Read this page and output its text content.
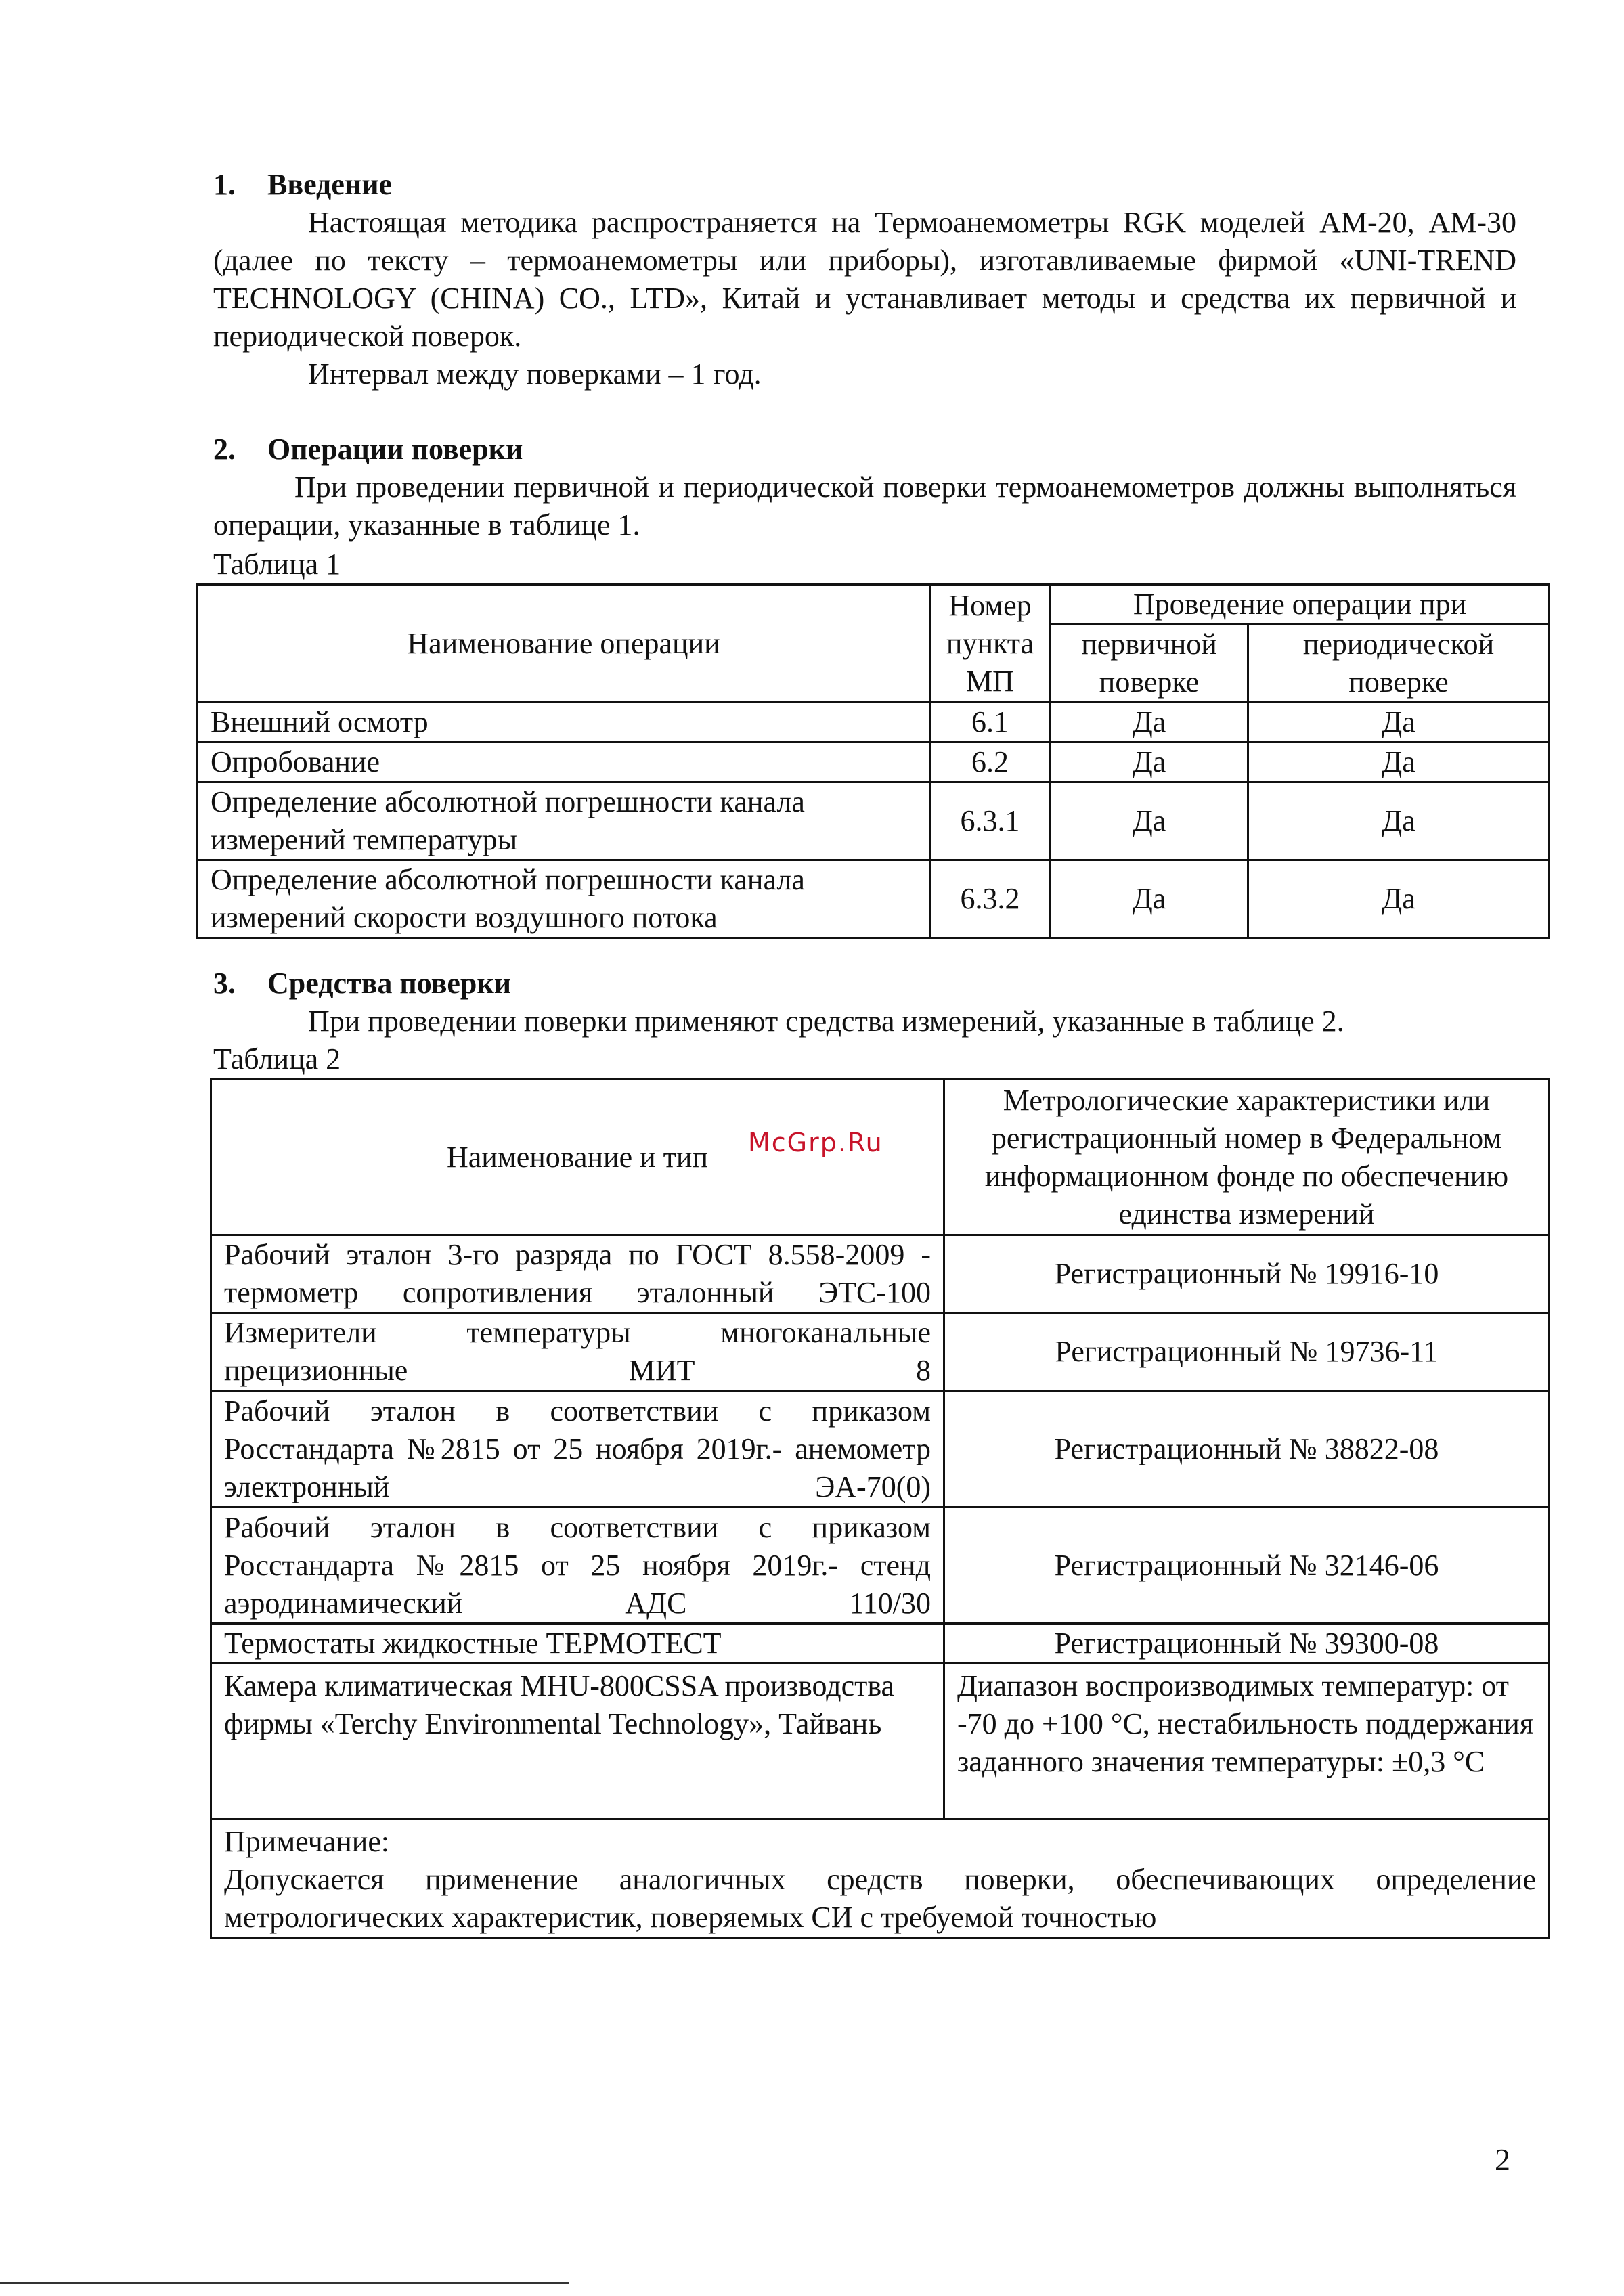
1. Введение

Настоящая методика распространяется на Термоанемометры RGK моделей АМ-20, АМ-30 (далее по тексту – термоанемометры или приборы), изготавливаемые фирмой «UNI-TREND TECHNOLOGY (CHINA) CO., LTD», Китай и устанавливает методы и средства их первичной и периодической поверок.

Интервал между поверками – 1 год.

2. Операции поверки

При проведении первичной и периодической поверки термоанемометров должны выполняться операции, указанные в таблице 1.

Таблица 1
Наименование операции	Номер пункта МП	Проведение операции при	
		первичной поверке	периодической поверке
Внешний осмотр	6.1	Да	Да
Опробование	6.2	Да	Да
Определение абсолютной погрешности канала измерений температуры	6.3.1	Да	Да
Определение абсолютной погрешности канала измерений скорости воздушного потока	6.3.2	Да	Да
3. Средства поверки

При проведении поверки применяют средства измерений, указанные в таблице 2.

Таблица 2
Наименование и тип	Метрологические характеристики или регистрационный номер в Федеральном информационном фонде по обеспечению единства измерений
Рабочий эталон 3-го разряда по ГОСТ 8.558-2009 - термометр сопротивления эталонный ЭТС-100	Регистрационный № 19916-10
Измерители температуры многоканальные прецизионные МИТ 8	Регистрационный № 19736-11
Рабочий эталон в соответствии с приказом Росстандарта №2815 от 25 ноября 2019г.- анемометр электронный ЭА-70(0)	Регистрационный № 38822-08
Рабочий эталон в соответствии с приказом Росстандарта №2815 от 25 ноября 2019г.- стенд аэродинамический АДС 110/30	Регистрационный № 32146-06
Термостаты жидкостные ТЕРМОТЕСТ	Регистрационный № 39300-08
Камера климатическая MHU-800CSSA производства фирмы «Terchy Environmental Technology», Тайвань	Диапазон воспроизводимых температур: от -70 до +100 °С, нестабильность поддержания заданного значения температуры: ±0,3 °С

Примечание:
Допускается применение аналогичных средств поверки, обеспечивающих определение метрологических характеристик, поверяемых СИ с требуемой точностью	
McGrp.Ru
2
